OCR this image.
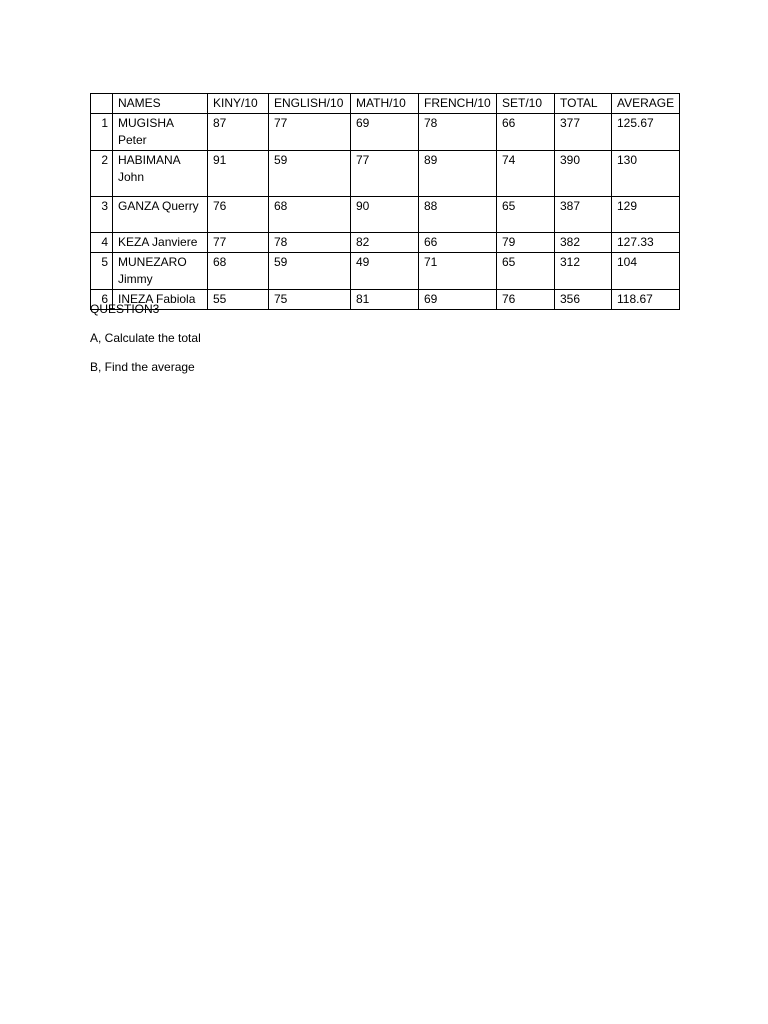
	NAMES	KINY/10	ENGLISH/10	MATH/10	FRENCH/10	SET/10	TOTAL	AVERAGE
1	MUGISHA Peter	87	77	69	78	66	377	125.67
2	HABIMANA John	91	59	77	89	74	390	130
3	GANZA Querry	76	68	90	88	65	387	129
4	KEZA Janviere	77	78	82	66	79	382	127.33
5	MUNEZARO Jimmy	68	59	49	71	65	312	104
6	INEZA Fabiola	55	75	81	69	76	356	118.67

QUESTION3

A, Calculate the total

B, Find the average
